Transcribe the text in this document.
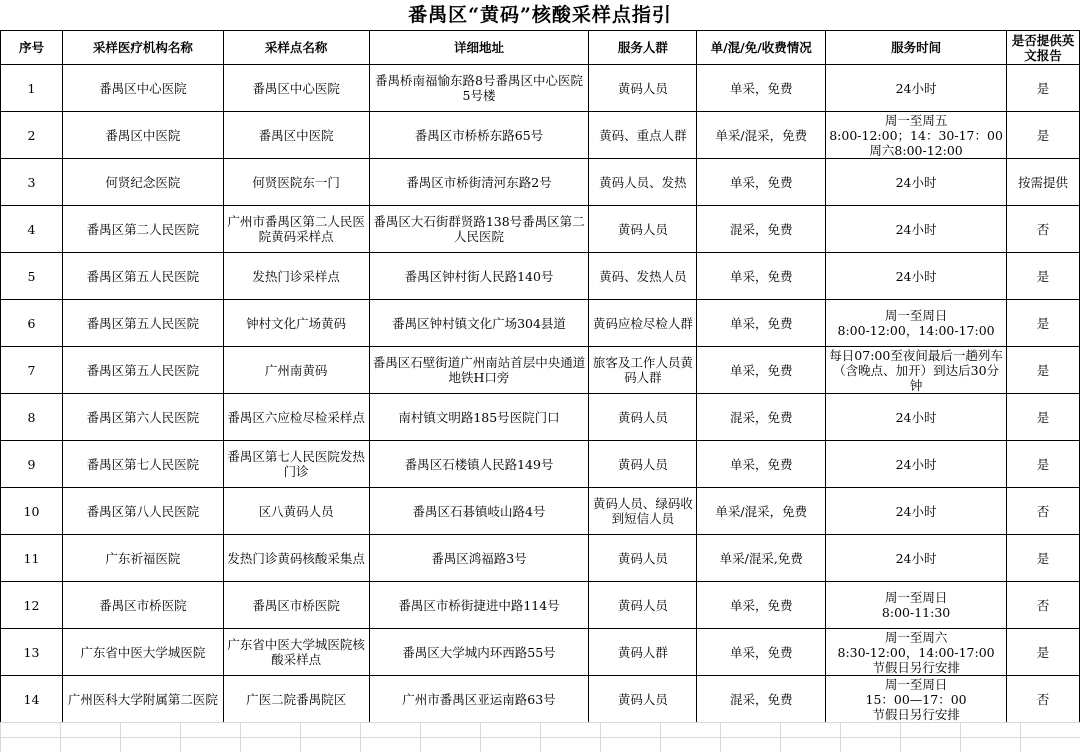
番禺区“黄码”核酸采样点指引
序号	采样医疗机构名称	采样点名称	详细地址	服务人群	单/混/免/收费情况	服务时间	是否提供英文报告

1	番禺区中心医院	番禺区中心医院	番禺桥南福愉东路8号番禺区中心医院5号楼	黄码人员	单采，免费	24小时	是

2	番禺区中医院	番禺区中医院	番禺区市桥桥东路65号	黄码、重点人群	单采/混采，免费	周一至周五
8:00-12:00；14：30-17：00
周六8:00-12:00	是

3	何贤纪念医院	何贤医院东一门	番禺区市桥街清河东路2号	黄码人员、发热	单采，免费	24小时	按需提供

4	番禺区第二人民医院	广州市番禺区第二人民医院黄码采样点	番禺区大石街群贤路138号番禺区第二人民医院	黄码人员	混采，免费	24小时	否

5	番禺区第五人民医院	发热门诊采样点	番禺区钟村街人民路140号	黄码、发热人员	单采，免费	24小时	是

6	番禺区第五人民医院	钟村文化广场黄码	番禺区钟村镇文化广场304县道	黄码应检尽检人群	单采，免费	周一至周日
8:00-12:00，14:00-17:00	是

7	番禺区第五人民医院	广州南黄码	番禺区石壁街道广州南站首层中央通道地铁H口旁	旅客及工作人员黄码人群	单采，免费	每日07:00至夜间最后一趟列车（含晚点、加开）到达后30分钟	是

8	番禺区第六人民医院	番禺区六应检尽检采样点	南村镇文明路185号医院门口	黄码人员	混采，免费	24小时	是

9	番禺区第七人民医院	番禺区第七人民医院发热门诊	番禺区石楼镇人民路149号	黄码人员	单采，免费	24小时	是

10	番禺区第八人民医院	区八黄码人员	番禺区石碁镇岐山路4号	黄码人员、绿码收到短信人员	单采/混采，免费	24小时	否

11	广东祈福医院	发热门诊黄码核酸采集点	番禺区鸿福路3号	黄码人员	单采/混采,免费	24小时	是

12	番禺区市桥医院	番禺区市桥医院	番禺区市桥街捷进中路114号	黄码人员	单采，免费	周一至周日
8:00-11:30	否

13	广东省中医大学城医院	广东省中医大学城医院核酸采样点	番禺区大学城内环西路55号	黄码人群	单采，免费	周一至周六
8:30-12:00，14:00-17:00
节假日另行安排	是

14	广州医科大学附属第二医院	广医二院番禺院区	广州市番禺区亚运南路63号	黄码人员	混采，免费	周一至周日
15：00—17：00
节假日另行安排	否
